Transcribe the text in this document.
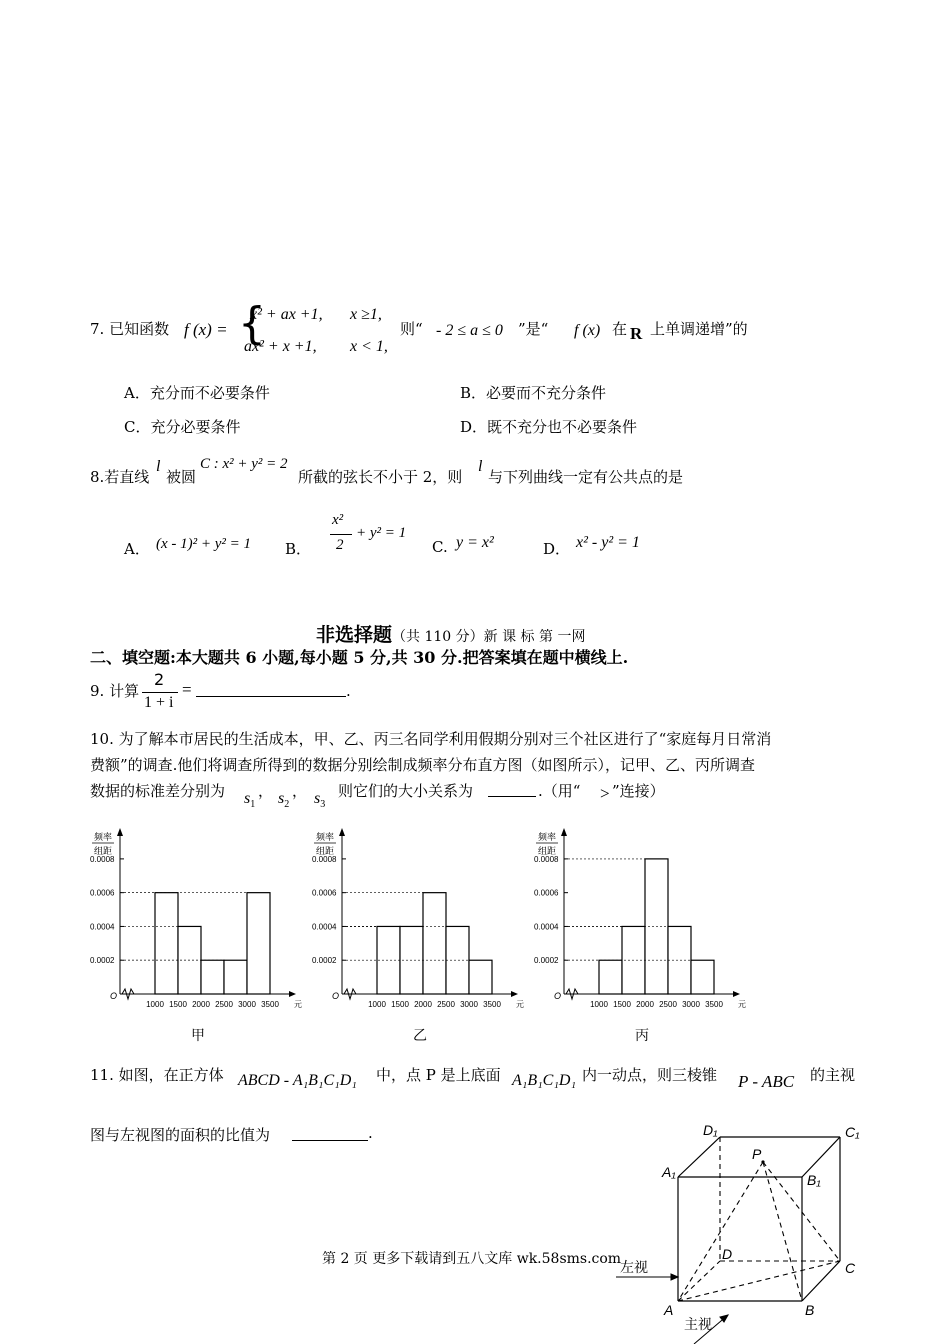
7. 已知函数 f (x) = {
x² + ax +1, x ≥1,
ax² + x +1, x < 1,
则“ - 2 ≤ a ≤ 0 ”是“ f (x) 在 R 上单调递增”的
A．充分而不必要条件	B．必要而不充分条件
C．充分必要条件	D．既不充分也不必要条件
8.若直线
l
被圆
C : x² + y² = 2
所截的弦长不小于 2，则
l
与下列曲线一定有公共点的是
A． (x - 1)² + y² = 1 B．
x²
2
+ y² = 1
C. y = x²	D． x² - y² = 1
非选择题（共 110 分）新 课 标 第 一网
二、填空题:本大题共 6 小题,每小题 5 分,共 30 分.把答案填在题中横线上.
9. 计算
2
1 + i
=	.
10. 为了解本市居民的生活成本，甲、乙、丙三名同学利用假期分别对三个社区进行了“家庭每月日常消
费额”的调查.他们将调查所得到的数据分别绘制成频率分布直方图（如图所示），记甲、乙、丙所调查
数据的标准差分别为 $s_1$
， $s_2$
， $s_3$
则它们的大小关系为	.（用“ > ”连接）
频率
组距
0.0002
0.0004
0.0006
0.0008
O
1000 1500 2000 2500 3000 3500 元
甲
频率
组距
0.0002
0.0004
0.0006
0.0008
O
1000 1500 2000 2500 3000 3500 元
乙
频率
组距
0.0002
0.0004
0.0006
0.0008
O
1000 1500 2000 2500 3000 3500 元
丙
11. 如图，在正方体 ABCD - A₁B₁C₁D₁ 中，点 P 是上底面 A₁B₁C₁D₁ 内一动点，则三棱锥 P - ABC 的主视
图与左视图的面积的比值为	.	D₁	C₁
A₁	B₁
P
D
C
A	B
左视
主视
第 2 页 更多下载请到五八文库 wk.58sms.com
